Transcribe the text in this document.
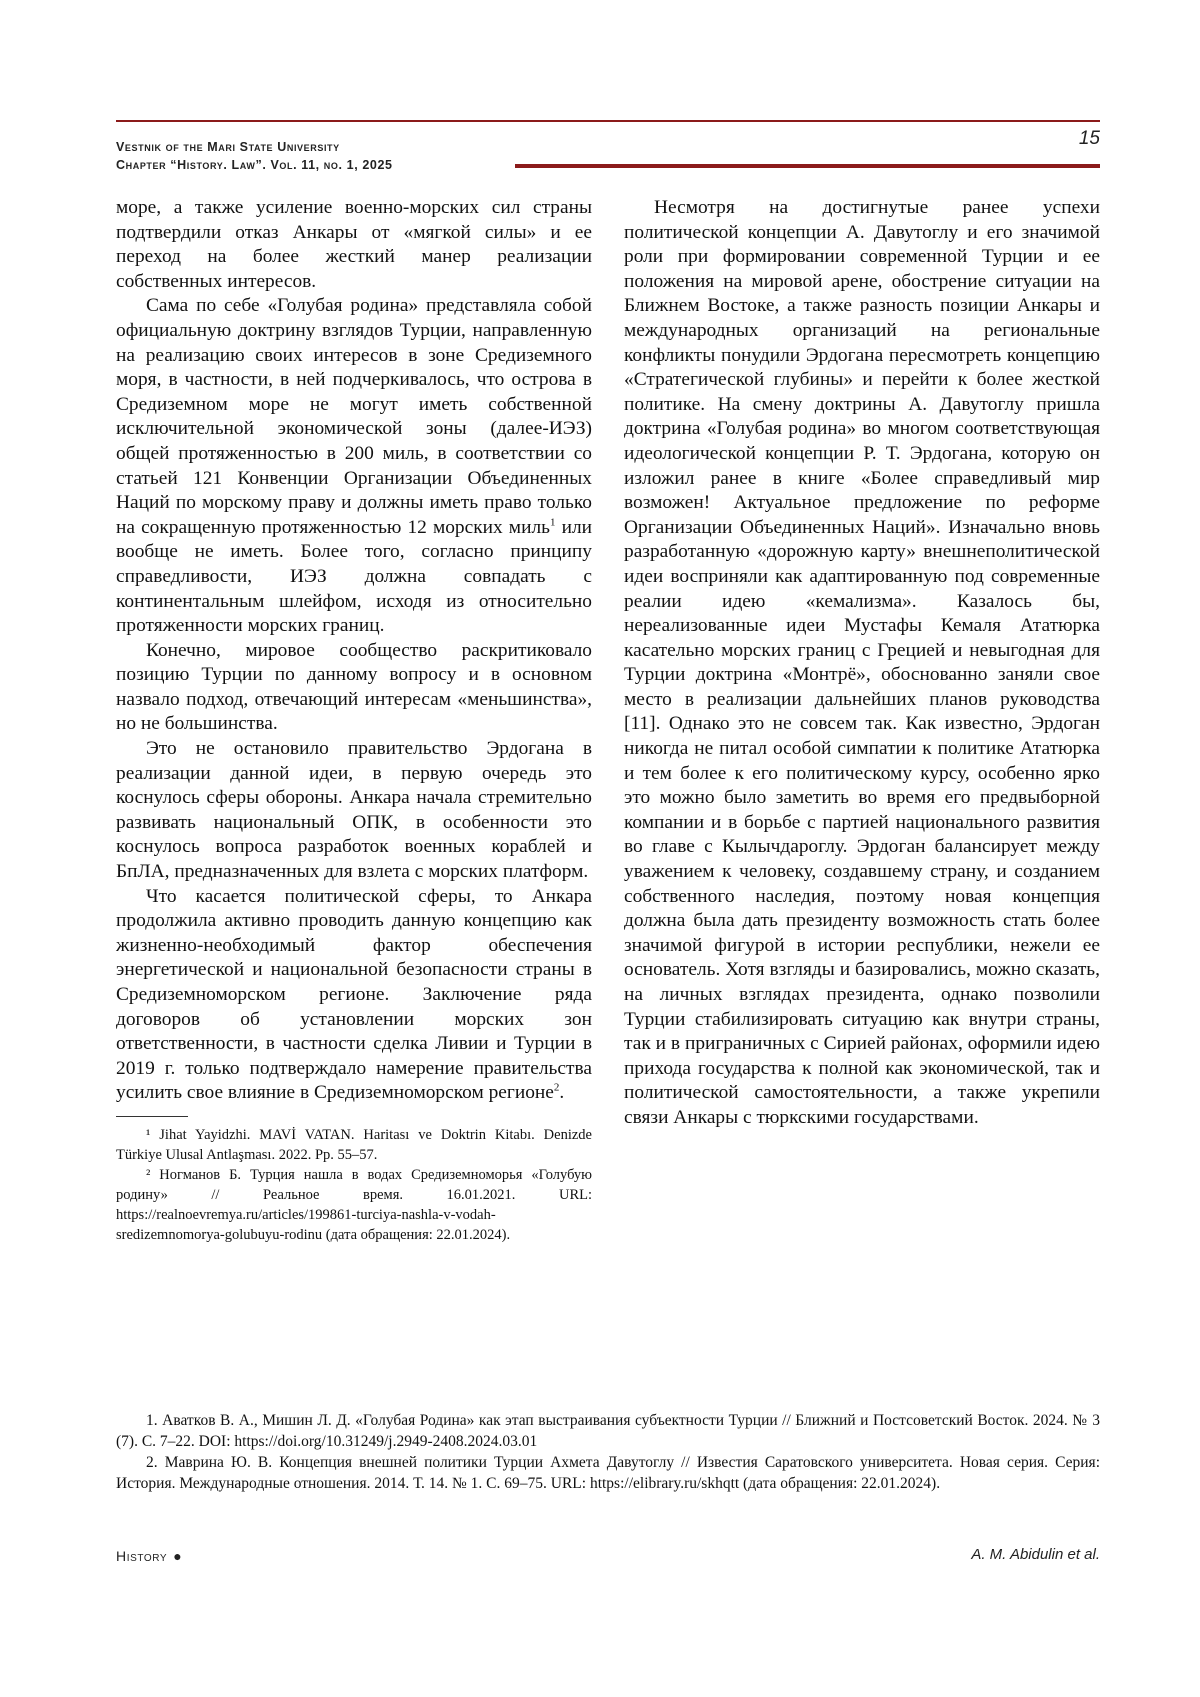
Vestnik of the Mari State University
Chapter “History. Law”. Vol. 11, no. 1, 2025
15

море, а также усиление военно-морских сил страны подтвердили отказ Анкары от «мягкой силы» и ее переход на более жесткий манер реализации собственных интересов.

Сама по себе «Голубая родина» представляла собой официальную доктрину взглядов Турции, направленную на реализацию своих интересов в зоне Средиземного моря, в частности, в ней подчеркивалось, что острова в Средиземном море не могут иметь собственной исключительной экономической зоны (далее-ИЭЗ) общей протяженностью в 200 миль, в соответствии со статьей 121 Конвенции Организации Объединенных Наций по морскому праву и должны иметь право только на сокращенную протяженностью 12 морских миль$^1$ или вообще не иметь. Более того, согласно принципу справедливости, ИЭЗ должна совпадать с континентальным шлейфом, исходя из относительно протяженности морских границ.

Конечно, мировое сообщество раскритиковало позицию Турции по данному вопросу и в основном назвало подход, отвечающий интересам «меньшинства», но не большинства.

Это не остановило правительство Эрдогана в реализации данной идеи, в первую очередь это коснулось сферы обороны. Анкара начала стремительно развивать национальный ОПК, в особенности это коснулось вопроса разработок военных кораблей и БпЛА, предназначенных для взлета с морских платформ.

Что касается политической сферы, то Анкара продолжила активно проводить данную концепцию как жизненно-необходимый фактор обеспечения энергетической и национальной безопасности страны в Средиземноморском регионе. Заключение ряда договоров об установлении морских зон ответственности, в частности сделка Ливии и Турции в 2019 г. только подтверждало намерение правительства усилить свое влияние в Средиземноморском регионе$^2$.

¹ Jihat Yayidzhi. MAVİ VATAN. Haritası ve Doktrin Kitabı. Denizde Türkiye Ulusal Antlaşması. 2022. Pp. 55–57.

² Ногманов Б. Турция нашла в водах Средиземноморья «Голубую родину» // Реальное время. 16.01.2021. URL: https://realnoevremya.ru/articles/199861-turciya-nashla-v-vodah-sredizemnomorya-golubuyu-rodinu (дата обращения: 22.01.2024).

Несмотря на достигнутые ранее успехи политической концепции А. Давутоглу и его значимой роли при формировании современной Турции и ее положения на мировой арене, обострение ситуации на Ближнем Востоке, а также разность позиции Анкары и международных организаций на региональные конфликты понудили Эрдогана пересмотреть концепцию «Стратегической глубины» и перейти к более жесткой политике. На смену доктрины А. Давутоглу пришла доктрина «Голубая родина» во многом соответствующая идеологической концепции Р. Т. Эрдогана, которую он изложил ранее в книге «Более справедливый мир возможен! Актуальное предложение по реформе Организации Объединенных Наций». Изначально вновь разработанную «дорожную карту» внешнеполитической идеи восприняли как адаптированную под современные реалии идею «кемализма». Казалось бы, нереализованные идеи Мустафы Кемаля Ататюрка касательно морских границ с Грецией и невыгодная для Турции доктрина «Монтрё», обоснованно заняли свое место в реализации дальнейших планов руководства [11]. Однако это не совсем так. Как известно, Эрдоган никогда не питал особой симпатии к политике Ататюрка и тем более к его политическому курсу, особенно ярко это можно было заметить во время его предвыборной компании и в борьбе с партией национального развития во главе с Кылычдароглу. Эрдоган балансирует между уважением к человеку, создавшему страну, и созданием собственного наследия, поэтому новая концепция должна была дать президенту возможность стать более значимой фигурой в истории республики, нежели ее основатель. Хотя взгляды и базировались, можно сказать, на личных взглядах президента, однако позволили Турции стабилизировать ситуацию как внутри страны, так и в приграничных с Сирией районах, оформили идею прихода государства к полной как экономической, так и политической самостоятельности, а также укрепили связи Анкары с тюркскими государствами.

1. Аватков В. А., Мишин Л. Д. «Голубая Родина» как этап выстраивания субъектности Турции // Ближний и Постсоветский Восток. 2024. № 3 (7). С. 7–22. DOI: https://doi.org/10.31249/j.2949-2408.2024.03.01

2. Маврина Ю. В. Концепция внешней политики Турции Ахмета Давутоглу // Известия Саратовского университета. Новая серия. Серия: История. Международные отношения. 2014. Т. 14. № 1. С. 69–75. URL: https://elibrary.ru/skhqtt (дата обращения: 22.01.2024).

History ●	A. M. Abidulin et al.
